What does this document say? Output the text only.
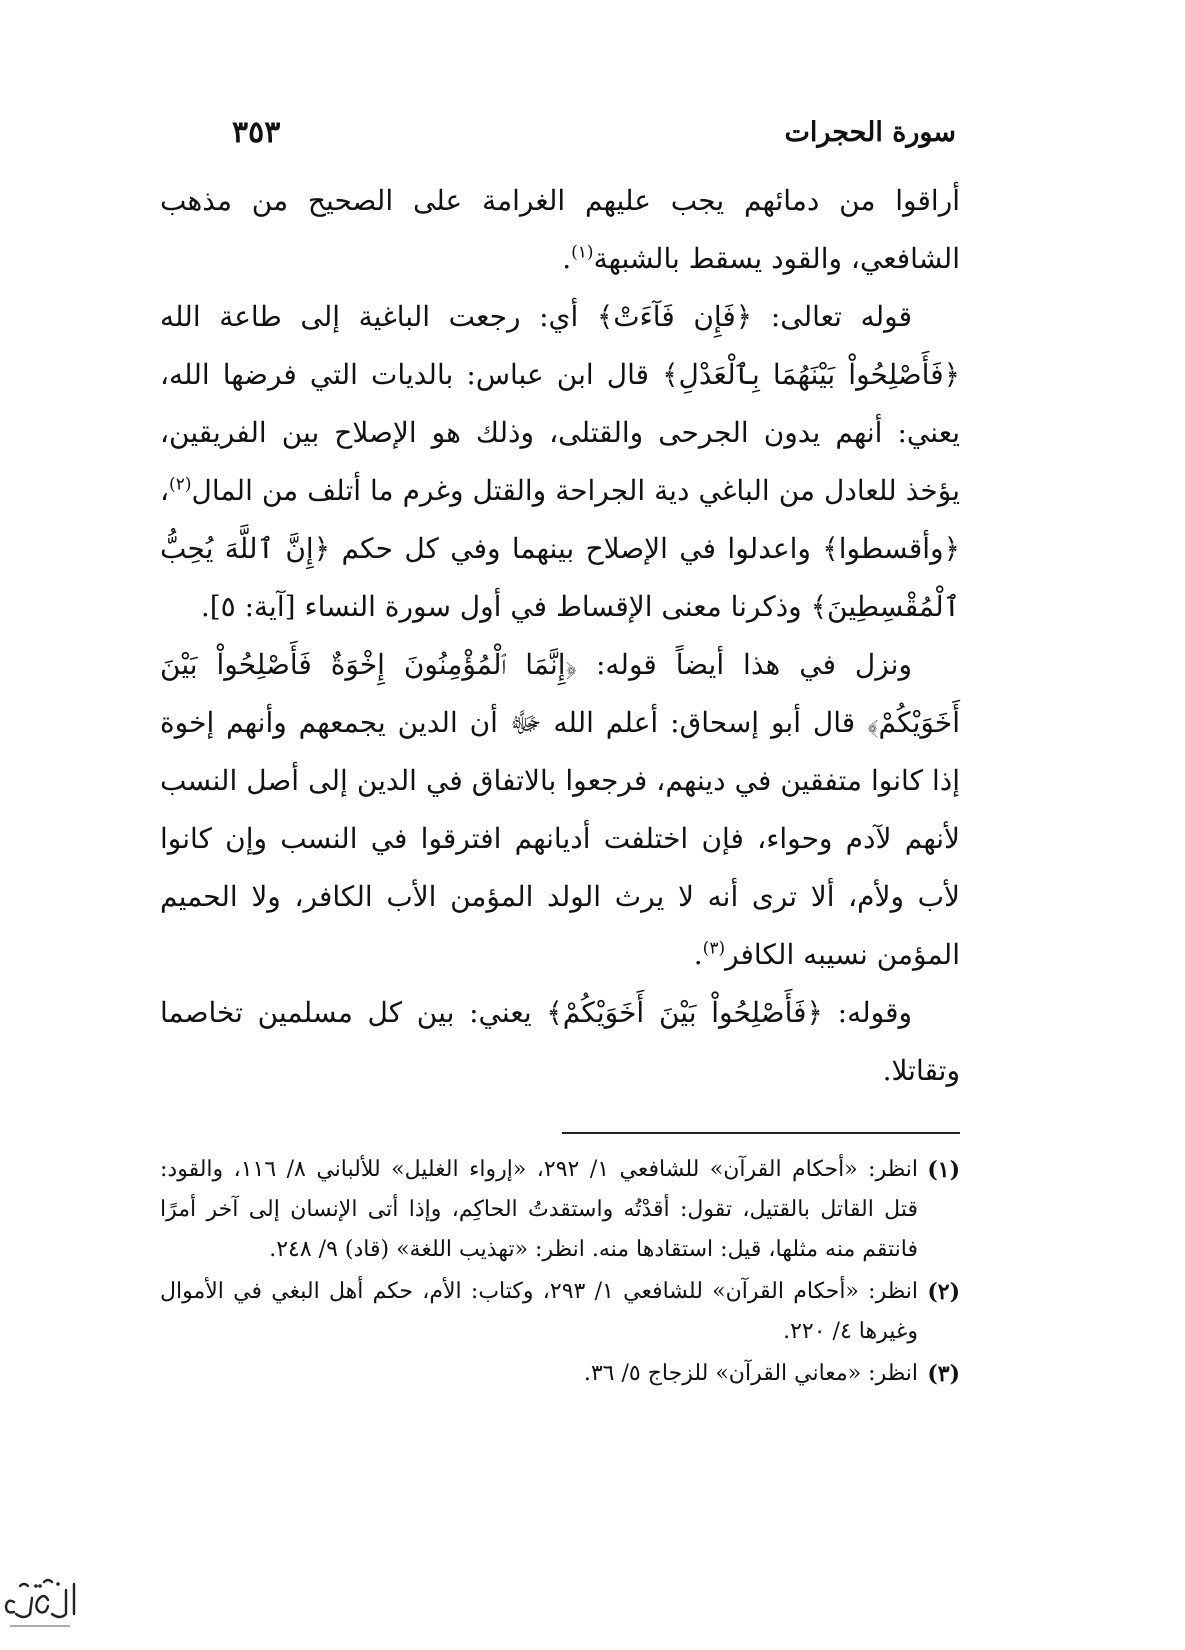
سورة الحجرات
٣٥٣

أراقوا من دمائهم يجب عليهم الغرامة على الصحيح من مذهب الشافعي، والقود يسقط بالشبهة$^{(١)}$.

قوله تعالى: ﴿فَإِن فَآءَتْ﴾ أي: رجعت الباغية إلى طاعة الله ﴿فَأَصْلِحُواْ بَيْنَهُمَا بِٱلْعَدْلِ﴾ قال ابن عباس: بالديات التي فرضها الله، يعني: أنهم يدون الجرحى والقتلى، وذلك هو الإصلاح بين الفريقين، يؤخذ للعادل من الباغي دية الجراحة والقتل وغرم ما أتلف من المال$^{(٢)}$، ﴿وأقسطوا﴾ واعدلوا في الإصلاح بينهما وفي كل حكم ﴿إِنَّ ٱللَّهَ يُحِبُّ ٱلْمُقْسِطِينَ﴾ وذكرنا معنى الإقساط في أول سورة النساء [آية: ٥].

ونزل في هذا أيضاً قوله: ﴿إِنَّمَا ٱلْمُؤْمِنُونَ إِخْوَةٌ فَأَصْلِحُواْ بَيْنَ أَخَوَيْكُمْ﴾ قال أبو إسحاق: أعلم الله ﷻ أن الدين يجمعهم وأنهم إخوة إذا كانوا متفقين في دينهم، فرجعوا بالاتفاق في الدين إلى أصل النسب لأنهم لآدم وحواء، فإن اختلفت أديانهم افترقوا في النسب وإن كانوا لأب ولأم، ألا ترى أنه لا يرث الولد المؤمن الأب الكافر، ولا الحميم المؤمن نسيبه الكافر$^{(٣)}$.

وقوله: ﴿فَأَصْلِحُواْ بَيْنَ أَخَوَيْكُمْ﴾ يعني: بين كل مسلمين تخاصما وتقاتلا.

(١)
انظر: «أحكام القرآن» للشافعي ١/ ٢٩٢، «إرواء الغليل» للألباني ٨/ ١١٦، والقود: قتل القاتل بالقتيل، تقول: أقدْتُه واستقدتُ الحاكِم، وإذا أتى الإنسان إلى آخر أمرًا فانتقم منه مثلها، قيل: استقادها منه. انظر: «تهذيب اللغة» (قاد) ٩/ ٢٤٨.
(٢)
انظر: «أحكام القرآن» للشافعي ١/ ٢٩٣، وكتاب: الأم، حكم أهل البغي في الأموال وغيرها ٤/ ٢٢٠.
(٣)
انظر: «معاني القرآن» للزجاج ٥/ ٣٦.
